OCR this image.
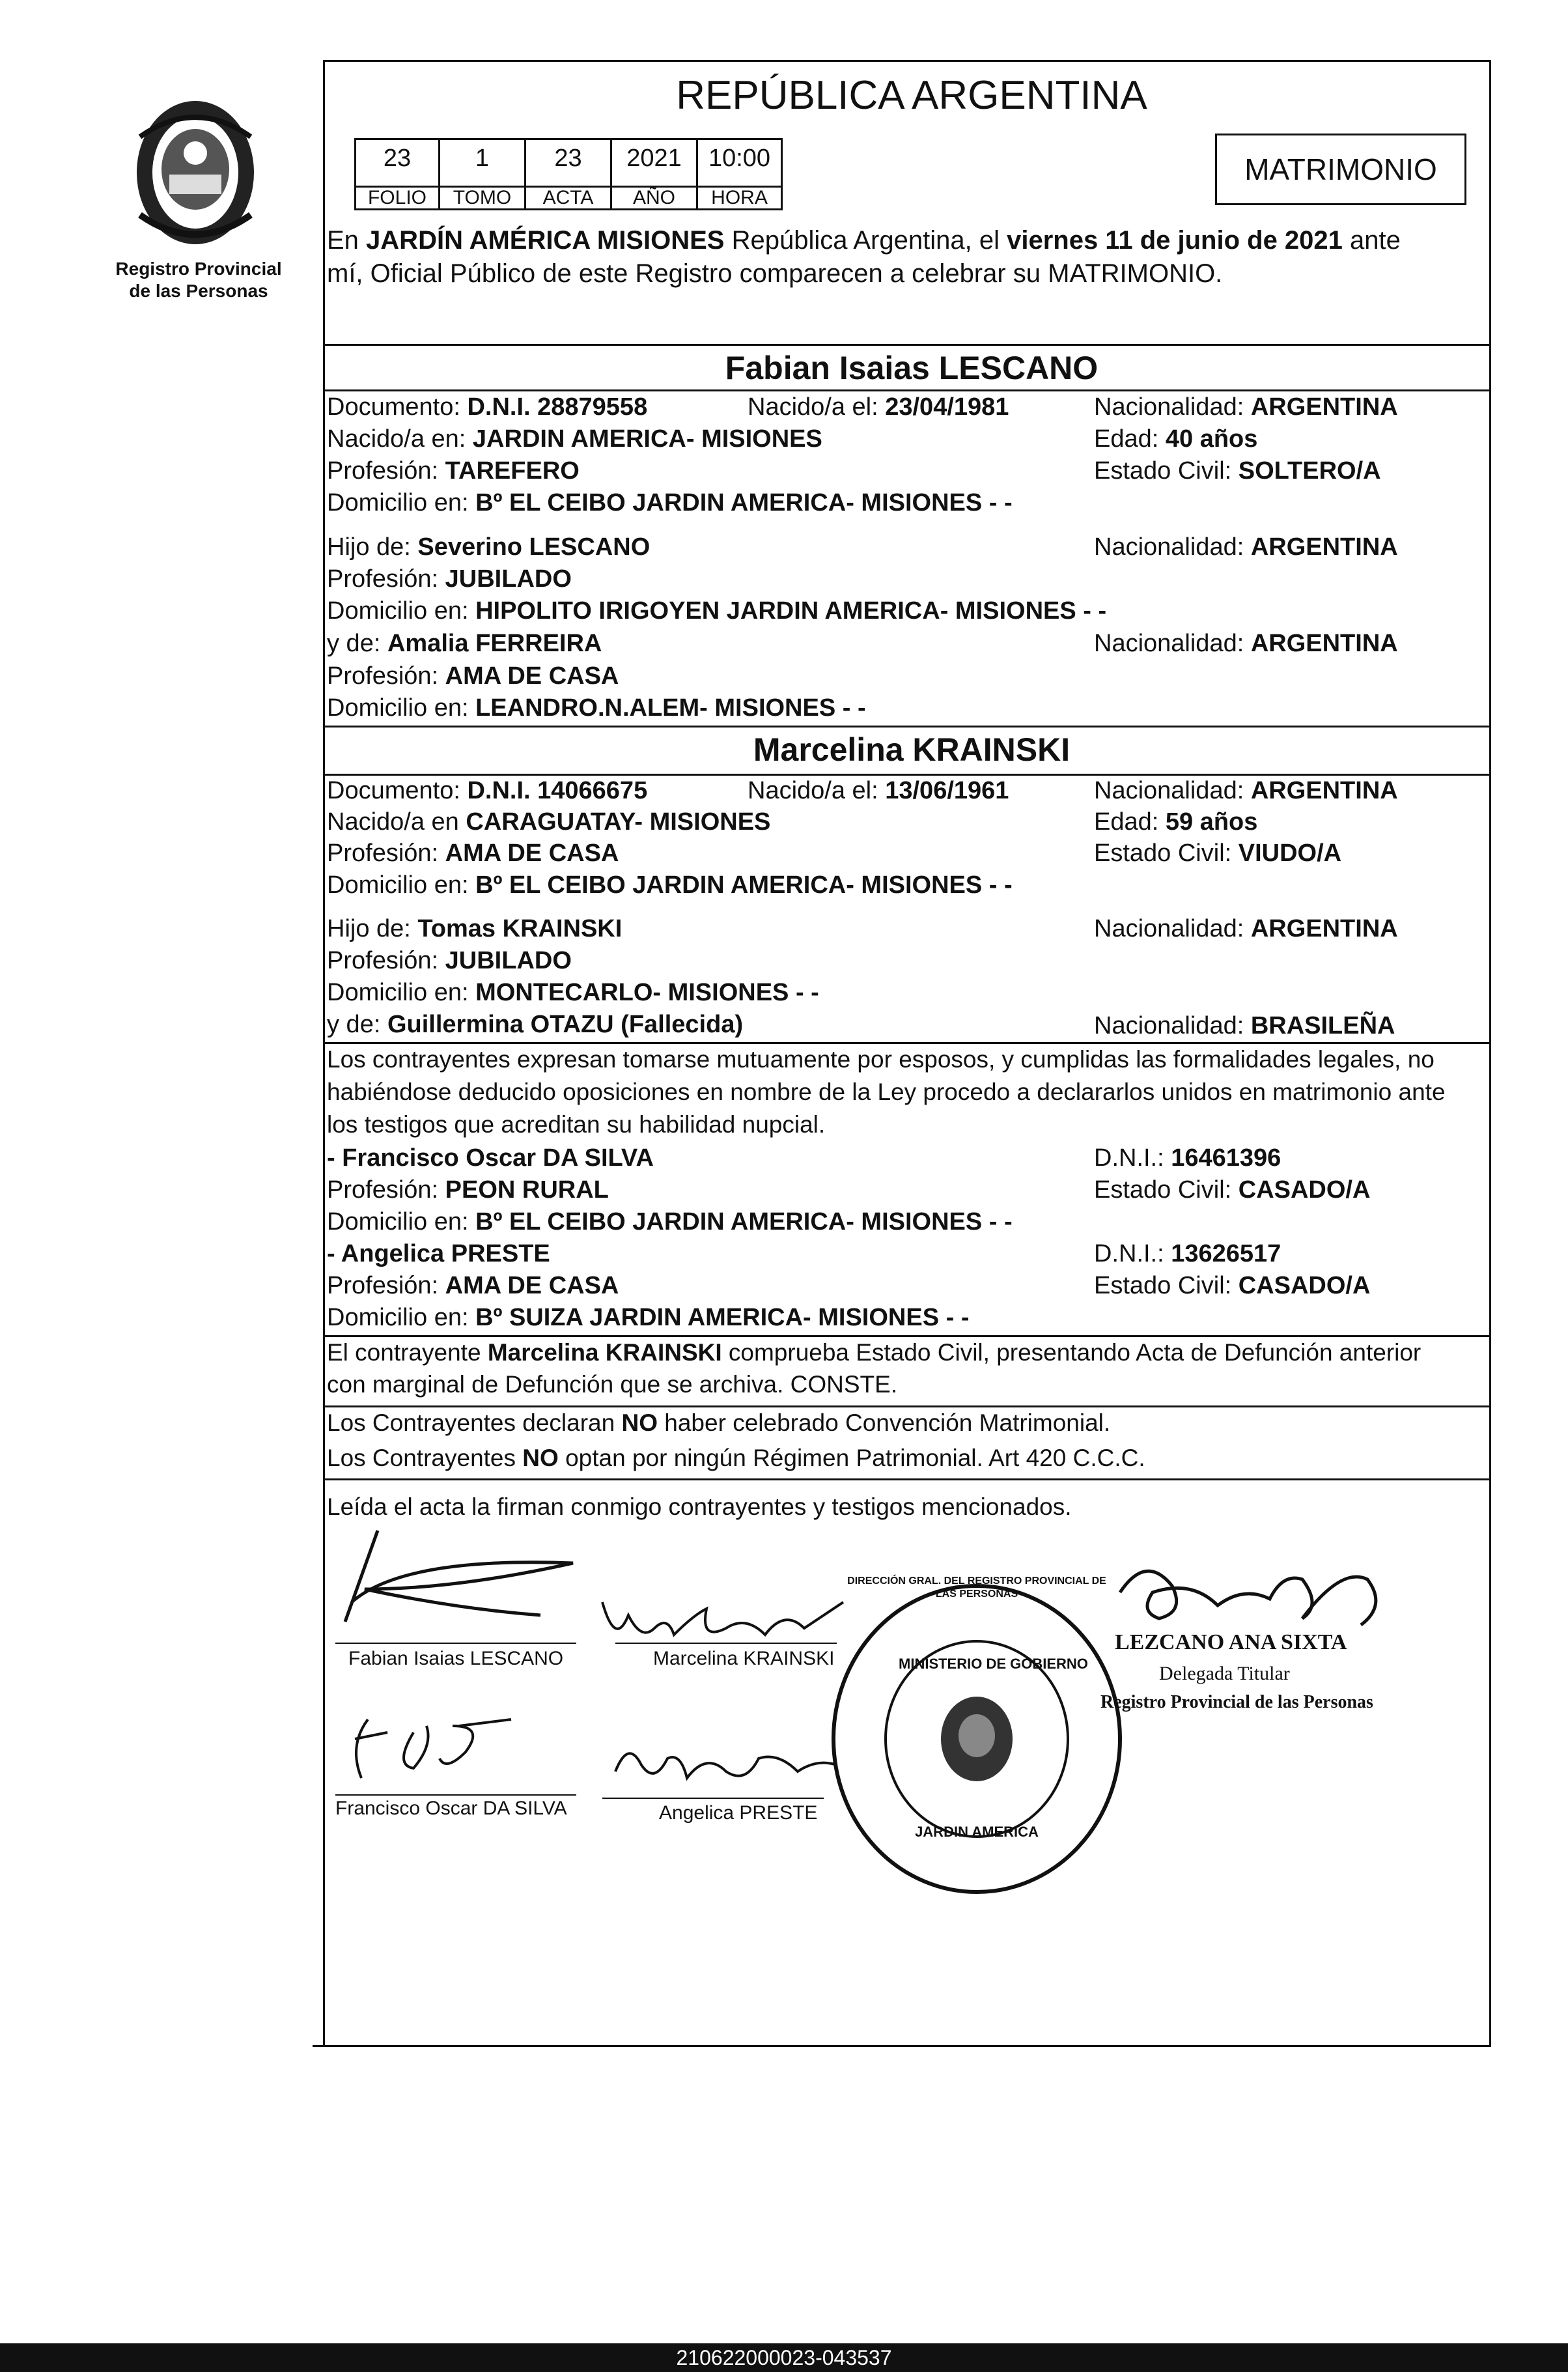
Registro Provincial
de las Personas
REPÚBLICA ARGENTINA
23	1	23	2021	10:00
FOLIO	TOMO	ACTA	AÑO	HORA
MATRIMONIO
En JARDÍN AMÉRICA MISIONES República Argentina, el viernes 11 de junio de 2021 ante
mí, Oficial Público de este Registro comparecen a celebrar su MATRIMONIO.
Fabian Isaias LESCANO
Documento: D.N.I. 28879558	Nacido/a el: 23/04/1981	Nacionalidad: ARGENTINA
Nacido/a en: JARDIN AMERICA- MISIONES	Edad: 40 años
Profesión: TAREFERO	Estado Civil: SOLTERO/A
Domicilio en: Bº EL CEIBO JARDIN AMERICA- MISIONES - -
Hijo de: Severino LESCANO	Nacionalidad: ARGENTINA
Profesión: JUBILADO
Domicilio en: HIPOLITO IRIGOYEN JARDIN AMERICA- MISIONES - -
y de: Amalia FERREIRA	Nacionalidad: ARGENTINA
Profesión: AMA DE CASA
Domicilio en: LEANDRO.N.ALEM- MISIONES - -
Marcelina KRAINSKI
Documento: D.N.I. 14066675	Nacido/a el: 13/06/1961	Nacionalidad: ARGENTINA
Nacido/a en CARAGUATAY- MISIONES	Edad: 59 años
Profesión: AMA DE CASA	Estado Civil: VIUDO/A
Domicilio en: Bº EL CEIBO JARDIN AMERICA- MISIONES - -
Hijo de: Tomas KRAINSKI	Nacionalidad: ARGENTINA
Profesión: JUBILADO
Domicilio en: MONTECARLO- MISIONES - -
y de: Guillermina OTAZU (Fallecida)	Nacionalidad: BRASILEÑA
Los contrayentes expresan tomarse mutuamente por esposos, y cumplidas las formalidades legales, no
habiéndose deducido oposiciones en nombre de la Ley procedo a declararlos unidos en matrimonio ante
los testigos que acreditan su habilidad nupcial.
- Francisco Oscar DA SILVA	D.N.I.: 16461396
Profesión: PEON RURAL	Estado Civil: CASADO/A
Domicilio en: Bº EL CEIBO JARDIN AMERICA- MISIONES - -
- Angelica PRESTE	D.N.I.: 13626517
Profesión: AMA DE CASA	Estado Civil: CASADO/A
Domicilio en: Bº SUIZA JARDIN AMERICA- MISIONES - -
El contrayente Marcelina KRAINSKI comprueba Estado Civil, presentando Acta de Defunción anterior
con marginal de Defunción que se archiva. CONSTE.
Los Contrayentes declaran NO haber celebrado Convención Matrimonial.
Los Contrayentes NO optan por ningún Régimen Patrimonial. Art 420 C.C.C.
Leída el acta la firman conmigo contrayentes y testigos mencionados.
Fabian Isaias LESCANO	Marcelina KRAINSKI
Francisco Oscar DA SILVA	Angelica PRESTE
DIRECCIÓN GRAL. DEL REGISTRO PROVINCIAL DE LAS PERSONAS
MINISTERIO DE GOBIERNO
JARDIN AMERICA
LEZCANO ANA SIXTA
Delegada Titular
Registro Provincial de las Personas
210622000023-043537
